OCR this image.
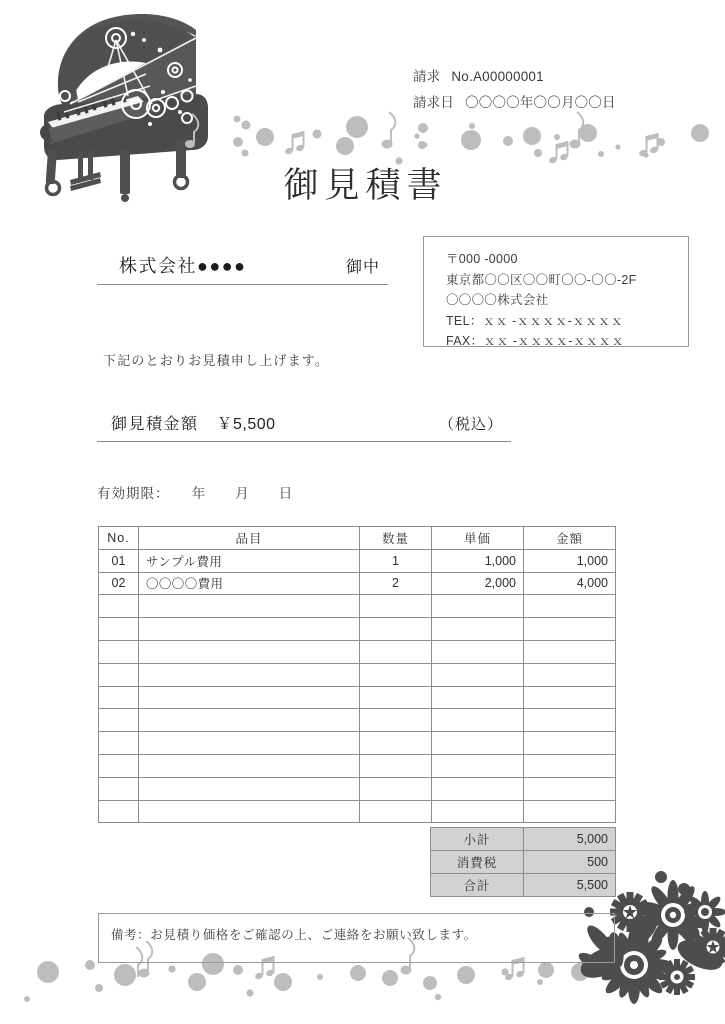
請求 No.A00000001
請求日 〇〇〇〇年〇〇月〇〇日
御見積書
株式会社●●●●	御中	〒000 -0000
東京都〇〇区〇〇町〇〇-〇〇-2F
〇〇〇〇株式会社
TEL：ｘｘ -ｘｘｘｘ-ｘｘｘｘ
FAX：ｘｘ -ｘｘｘｘ-ｘｘｘｘ
下記のとおりお見積申し上げます。
御見積金額 ￥5,500	（税込）
有効期限：　　年　　月　　日
No.	品目	数量	単価	金額
01	サンプル費用	1	1,000	1,000
02	〇〇〇〇費用	2	2,000	4,000

小計	5,000
消費税	500
合計	5,500
備考：お見積り価格をご確認の上、ご連絡をお願い致します。
